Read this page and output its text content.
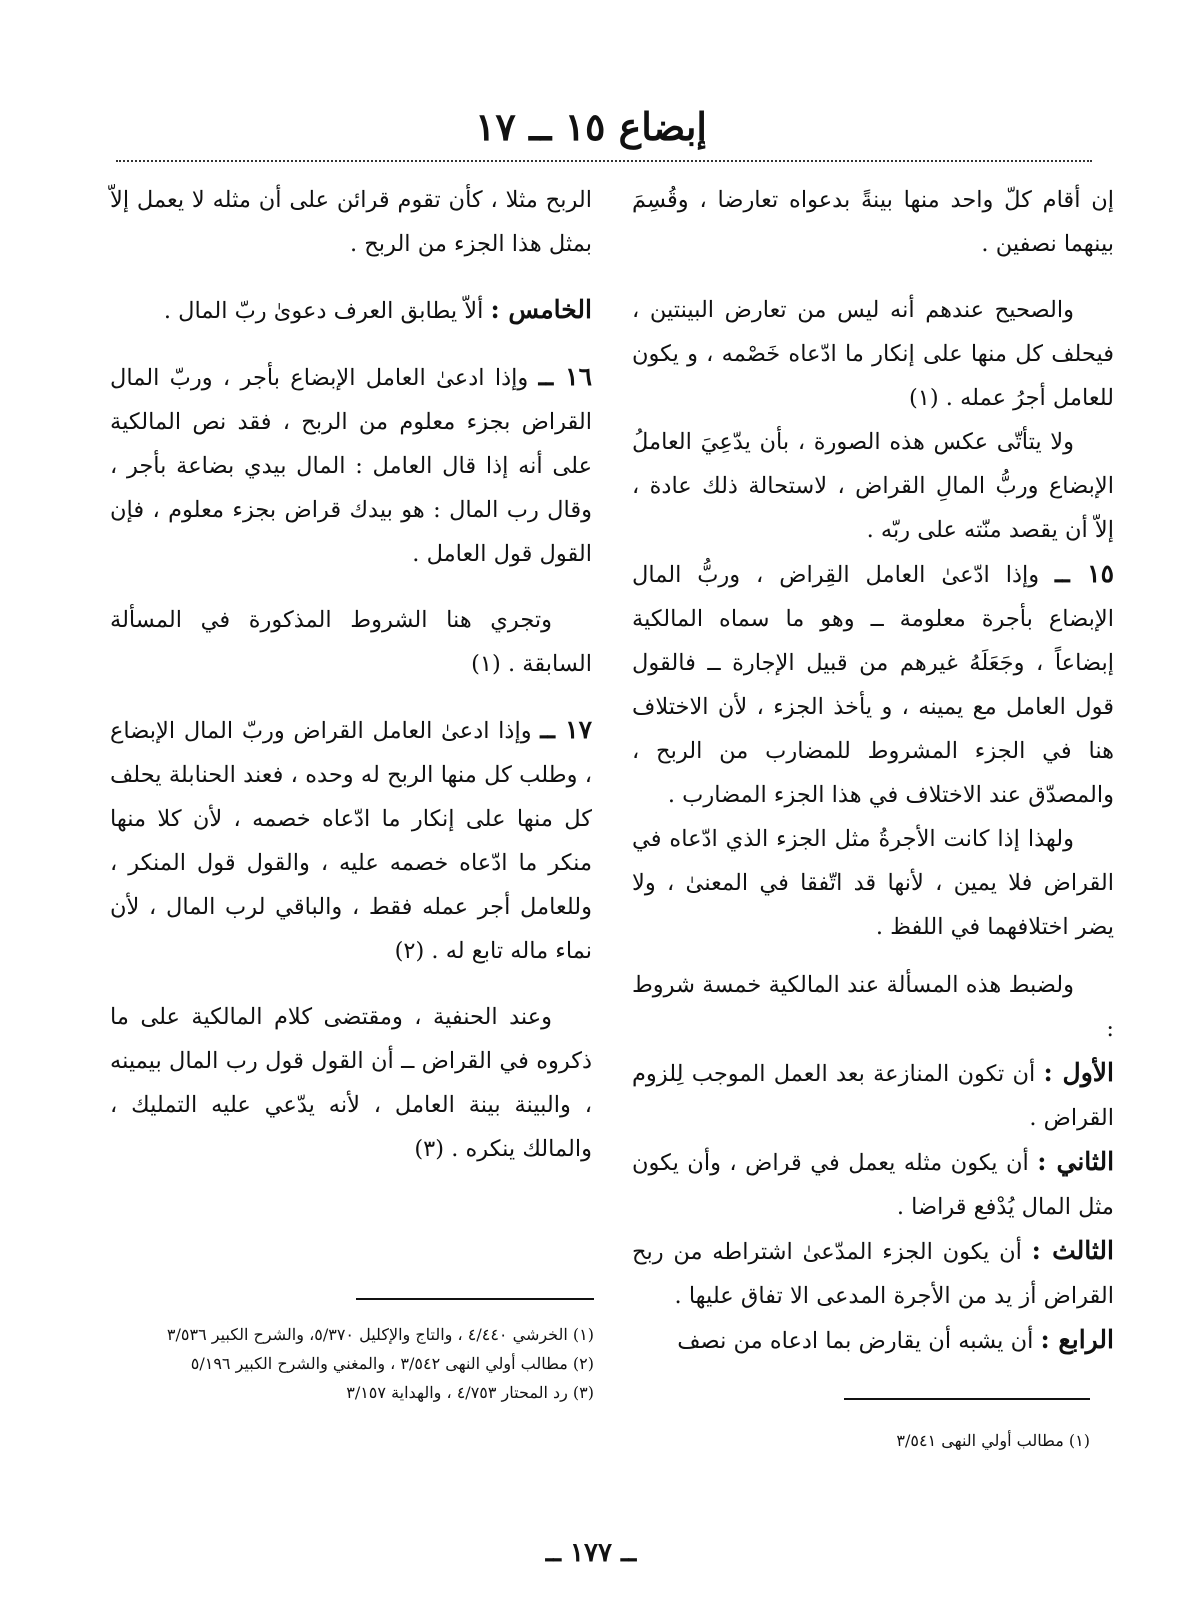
إبضاع ١٥ ــ ١٧

إن أقام كلّ واحد منها بينةً بدعواه تعارضا ، وقُسِمَ بينهما نصفين .

والصحيح عندهم أنه ليس من تعارض البينتين ، فيحلف كل منها على إنكار ما ادّعاه خَصْمه ، و يكون للعامل أجرُ عمله . (١)

ولا يتأتّى عكس هذه الصورة ، بأن يدّعِيَ العاملُ الإبضاع وربُّ المالِ القراض ، لاستحالة ذلك عادة ، إلاّ أن يقصد منّته على ربّه .

١٥ ــ وإذا ادّعىٰ العامل القِراض ، وربُّ المال الإبضاع بأجرة معلومة ــ وهو ما سماه المالكية إبضاعاً ، وجَعَلَهُ غيرهم من قبيل الإجارة ــ فالقول قول العامل مع يمينه ، و يأخذ الجزء ، لأن الاختلاف هنا في الجزء المشروط للمضارب من الربح ، والمصدّق عند الاختلاف في هذا الجزء المضارب .

ولهذا إذا كانت الأجرةُ مثل الجزء الذي ادّعاه في القراض فلا يمين ، لأنها قد اتّفقا في المعنىٰ ، ولا يضر اختلافهما في اللفظ .

ولضبط هذه المسألة عند المالكية خمسة شروط :

الأول : أن تكون المنازعة بعد العمل الموجب لِلزوم القراض .

الثاني : أن يكون مثله يعمل في قراض ، وأن يكون مثل المال يُدْفع قراضا .

الثالث : أن يكون الجزء المدّعىٰ اشتراطه من ربح القراض أز يد من الأجرة المدعى الا تفاق عليها .

الرابع : أن يشبه أن يقارض بما ادعاه من نصف

الربح مثلا ، كأن تقوم قرائن على أن مثله لا يعمل إلاّ بمثل هذا الجزء من الربح .

الخامس : ألاّ يطابق العرف دعوىٰ ربّ المال .

١٦ ــ وإذا ادعىٰ العامل الإبضاع بأجر ، وربّ المال القراض بجزء معلوم من الربح ، فقد نص المالكية على أنه إذا قال العامل : المال بيدي بضاعة بأجر ، وقال رب المال : هو بيدك قراض بجزء معلوم ، فإن القول قول العامل .

وتجري هنا الشروط المذكورة في المسألة السابقة . (١)

١٧ ــ وإذا ادعىٰ العامل القراض وربّ المال الإبضاع ، وطلب كل منها الربح له وحده ، فعند الحنابلة يحلف كل منها على إنكار ما ادّعاه خصمه ، لأن كلا منها منكر ما ادّعاه خصمه عليه ، والقول قول المنكر ، وللعامل أجر عمله فقط ، والباقي لرب المال ، لأن نماء ماله تابع له . (٢)

وعند الحنفية ، ومقتضى كلام المالكية على ما ذكروه في القراض ــ أن القول قول رب المال بيمينه ، والبينة بينة العامل ، لأنه يدّعي عليه التمليك ، والمالك ينكره . (٣)

(١) الخرشي ٤/٤٤٠ ، والتاج والإكليل ٥/٣٧٠، والشرح الكبير ٣/٥٣٦
(٢) مطالب أولي النهى ٣/٥٤٢ ، والمغني والشرح الكبير ٥/١٩٦
(٣) رد المحتار ٤/٧٥٣ ، والهداية ٣/١٥٧
(١) مطالب أولي النهى ٣/٥٤١
ــ ١٧٧ ــ
